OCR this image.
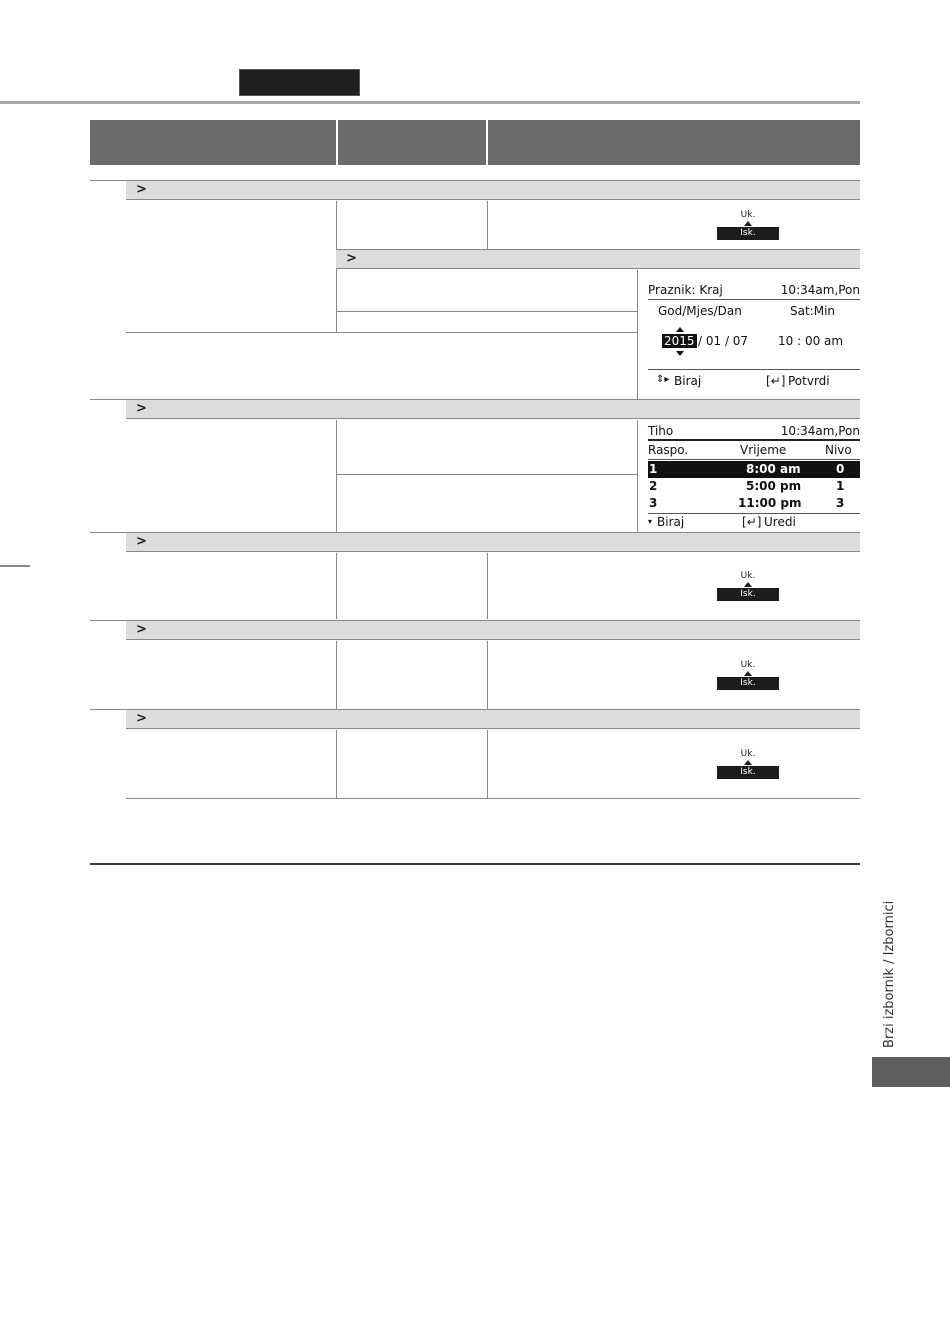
>
Uk.
Isk.
>
Praznik: Kraj	10:34am,Pon
God/Mjes/Dan	Sat:Min
2015 / 01 / 07 10 : 00 am
⇕▸ Biraj	[↵] Potvrdi
>
Tiho	10:34am,Pon
Raspo.	Vrijeme	Nivo
1	8:00 am	0
2	5:00 pm	1
3	11:00 pm	3
▾ Biraj	[↵] Uredi
>
Uk.
Isk.
>
Uk.
Isk.
>
Uk.
Isk.
Brzi izbornik / Izbornici
